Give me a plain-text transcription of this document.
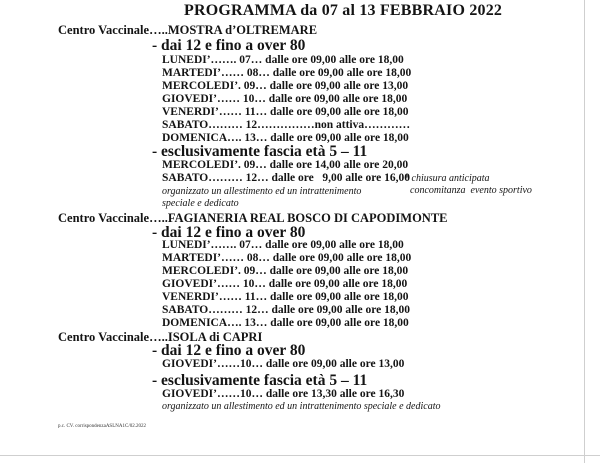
PROGRAMMA da 07 al 13 FEBBRAIO 2022
Centro Vaccinale…..MOSTRA d’OLTREMARE
- dai 12 e fino a over 80
LUNEDI’……. 07… dalle ore 09,00 alle ore 18,00
MARTEDI’…… 08… dalle ore 09,00 alle ore 18,00
MERCOLEDI’. 09… dalle ore 09,00 alle ore 13,00
GIOVEDI’…… 10… dalle ore 09,00 alle ore 18,00
VENERDI’…… 11… dalle ore 09,00 alle ore 18,00
SABATO……… 12……………non attiva…………
DOMENICA…. 13… dalle ore 09,00 alle ore 18,00
- esclusivamente fascia età 5 – 11
MERCOLEDI’. 09… dalle ore 14,00 alle ore 20,00
SABATO……… 12… dalle ore   9,00 alle ore 16,00
* chiusura anticipata
concomitanza  evento sportivo
organizzato un allestimento ed un intrattenimento
speciale e dedicato
Centro Vaccinale…..FAGIANERIA REAL BOSCO DI CAPODIMONTE
- dai 12 e fino a over 80
LUNEDI’……. 07… dalle ore 09,00 alle ore 18,00
MARTEDI’…… 08… dalle ore 09,00 alle ore 18,00
MERCOLEDI’. 09… dalle ore 09,00 alle ore 18,00
GIOVEDI’…… 10… dalle ore 09,00 alle ore 18,00
VENERDI’…… 11… dalle ore 09,00 alle ore 18,00
SABATO……… 12… dalle ore 09,00 alle ore 18,00
DOMENICA…. 13… dalle ore 09,00 alle ore 18,00
Centro Vaccinale…..ISOLA di CAPRI
- dai 12 e fino a over 80
GIOVEDI’……10… dalle ore 09,00 alle ore 13,00
- esclusivamente fascia età 5 – 11
GIOVEDI’……10… dalle ore 13,30 alle ore 16,30
organizzato un allestimento ed un intrattenimento speciale e dedicato
p.c. CV. corrispondenzaASLNA1C/02.2022
